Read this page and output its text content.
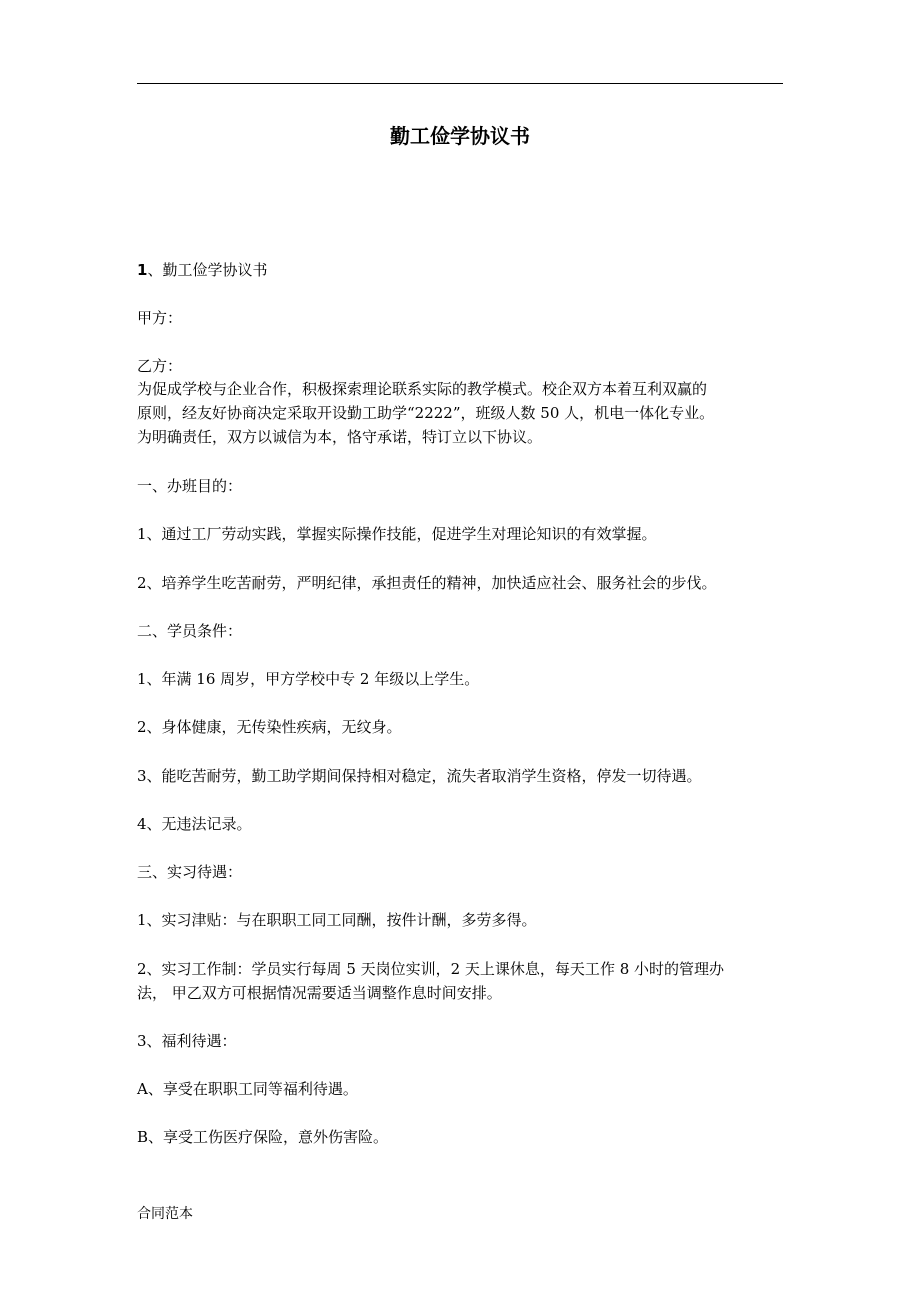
勤工俭学协议书
1、勤工俭学协议书
甲方：
乙方：
为促成学校与企业合作，积极探索理论联系实际的教学模式。校企双方本着互利双赢的
原则，经友好协商决定采取开设勤工助学“2222”，班级人数 50 人，机电一体化专业。
为明确责任，双方以诚信为本，恪守承诺，特订立以下协议。
一、办班目的：
1、通过工厂劳动实践，掌握实际操作技能，促进学生对理论知识的有效掌握。
2、培养学生吃苦耐劳，严明纪律，承担责任的精神，加快适应社会、服务社会的步伐。
二、学员条件：
1、年满 16 周岁，甲方学校中专 2 年级以上学生。
2、身体健康，无传染性疾病，无纹身。
3、能吃苦耐劳，勤工助学期间保持相对稳定，流失者取消学生资格，停发一切待遇。
4、无违法记录。
三、实习待遇：
1、实习津贴：与在职职工同工同酬，按件计酬，多劳多得。
2、实习工作制：学员实行每周 5 天岗位实训，2 天上课休息，每天工作 8 小时的管理办
法， 甲乙双方可根据情况需要适当调整作息时间安排。
3、福利待遇：
A、享受在职职工同等福利待遇。
B、享受工伤医疗保险，意外伤害险。
合同范本
